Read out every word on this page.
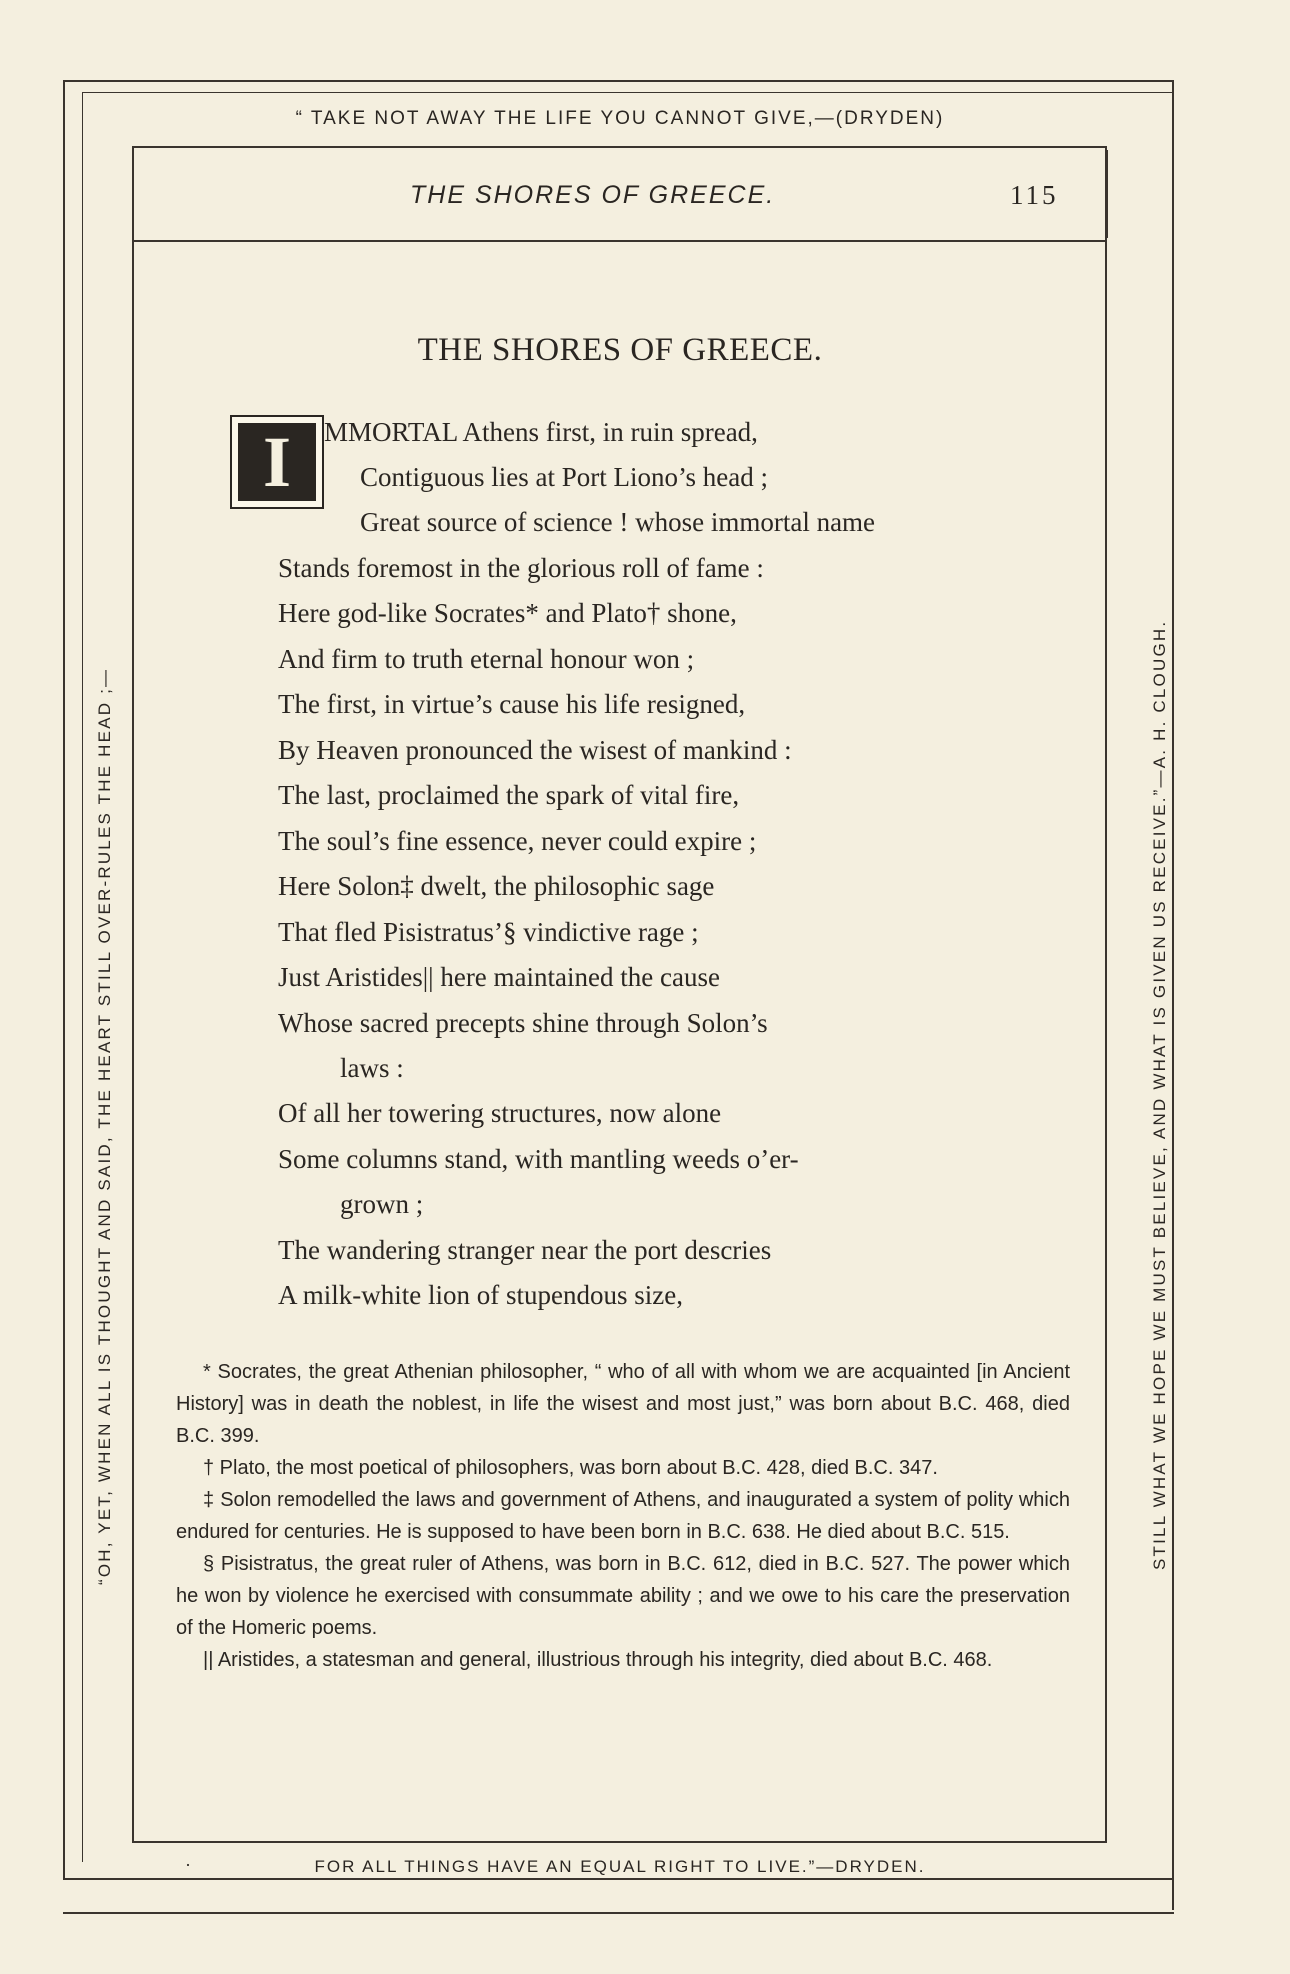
“ TAKE NOT AWAY THE LIFE YOU CANNOT GIVE,—(DRYDEN)
“OH, YET, WHEN ALL IS THOUGHT AND SAID, THE HEART STILL OVER-RULES THE HEAD ;—	STILL WHAT WE HOPE WE MUST BELIEVE, AND WHAT IS GIVEN US RECEIVE.”—A. H. CLOUGH.
·	FOR ALL THINGS HAVE AN EQUAL RIGHT TO LIVE.”—DRYDEN.
THE SHORES OF GREECE.	115
THE SHORES OF GREECE.
I	MMORTAL Athens first, in ruin spread,
Contiguous lies at Port Liono’s head ;
Great source of science ! whose immortal name
Stands foremost in the glorious roll of fame :
Here god-like Socrates* and Plato† shone,
And firm to truth eternal honour won ;
The first, in virtue’s cause his life resigned,
By Heaven pronounced the wisest of mankind :
The last, proclaimed the spark of vital fire,
The soul’s fine essence, never could expire ;
Here Solon‡ dwelt, the philosophic sage
That fled Pisistratus’§ vindictive rage ;
Just Aristides|| here maintained the cause
Whose sacred precepts shine through Solon’s
laws :
Of all her towering structures, now alone
Some columns stand, with mantling weeds o’er-
grown ;
The wandering stranger near the port descries
A milk-white lion of stupendous size,

* Socrates, the great Athenian philosopher, “ who of all with whom we are acquainted [in Ancient History] was in death the noblest, in life the wisest and most just,” was born about B.C. 468, died B.C. 399.

† Plato, the most poetical of philosophers, was born about B.C. 428, died B.C. 347.

‡ Solon remodelled the laws and government of Athens, and inaugurated a system of polity which endured for centuries. He is supposed to have been born in B.C. 638. He died about B.C. 515.

§ Pisistratus, the great ruler of Athens, was born in B.C. 612, died in B.C. 527. The power which he won by violence he exercised with consummate ability ; and we owe to his care the preservation of the Homeric poems.

|| Aristides, a statesman and general, illustrious through his integrity, died about B.C. 468.
